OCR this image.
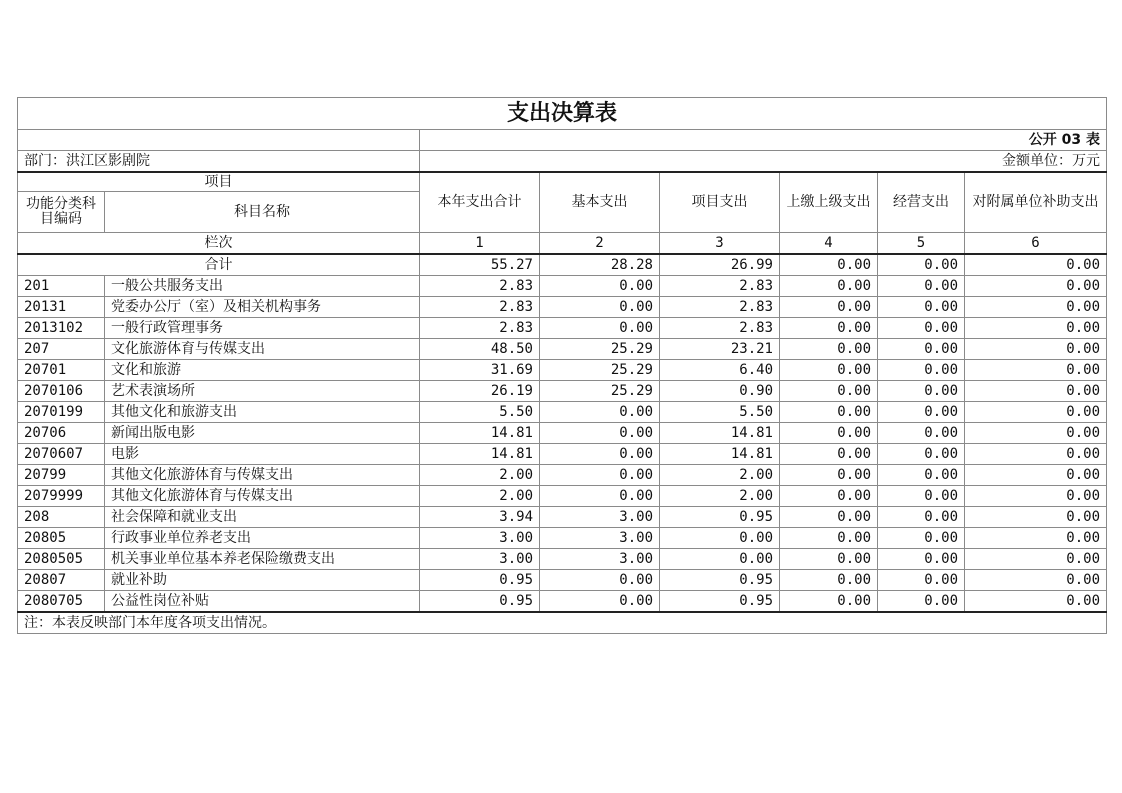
支出决算表							
		公开 03 表					
部门：洪江区影剧院		金额单位：万元					
项目		本年支出合计	基本支出	项目支出	上缴上级支出	经营支出	对附属单位补助支出
功能分类科目编码	科目名称						
栏次		1	2	3	4	5	6
合计		55.27	28.28	26.99	0.00	0.00	0.00
201	一般公共服务支出	2.83	0.00	2.83	0.00	0.00	0.00
20131	党委办公厅（室）及相关机构事务	2.83	0.00	2.83	0.00	0.00	0.00
2013102	一般行政管理事务	2.83	0.00	2.83	0.00	0.00	0.00
207	文化旅游体育与传媒支出	48.50	25.29	23.21	0.00	0.00	0.00
20701	文化和旅游	31.69	25.29	6.40	0.00	0.00	0.00
2070106	艺术表演场所	26.19	25.29	0.90	0.00	0.00	0.00
2070199	其他文化和旅游支出	5.50	0.00	5.50	0.00	0.00	0.00
20706	新闻出版电影	14.81	0.00	14.81	0.00	0.00	0.00
2070607	电影	14.81	0.00	14.81	0.00	0.00	0.00
20799	其他文化旅游体育与传媒支出	2.00	0.00	2.00	0.00	0.00	0.00
2079999	其他文化旅游体育与传媒支出	2.00	0.00	2.00	0.00	0.00	0.00
208	社会保障和就业支出	3.94	3.00	0.95	0.00	0.00	0.00
20805	行政事业单位养老支出	3.00	3.00	0.00	0.00	0.00	0.00
2080505	机关事业单位基本养老保险缴费支出	3.00	3.00	0.00	0.00	0.00	0.00
20807	就业补助	0.95	0.00	0.95	0.00	0.00	0.00
2080705	公益性岗位补贴	0.95	0.00	0.95	0.00	0.00	0.00
注：本表反映部门本年度各项支出情况。							
